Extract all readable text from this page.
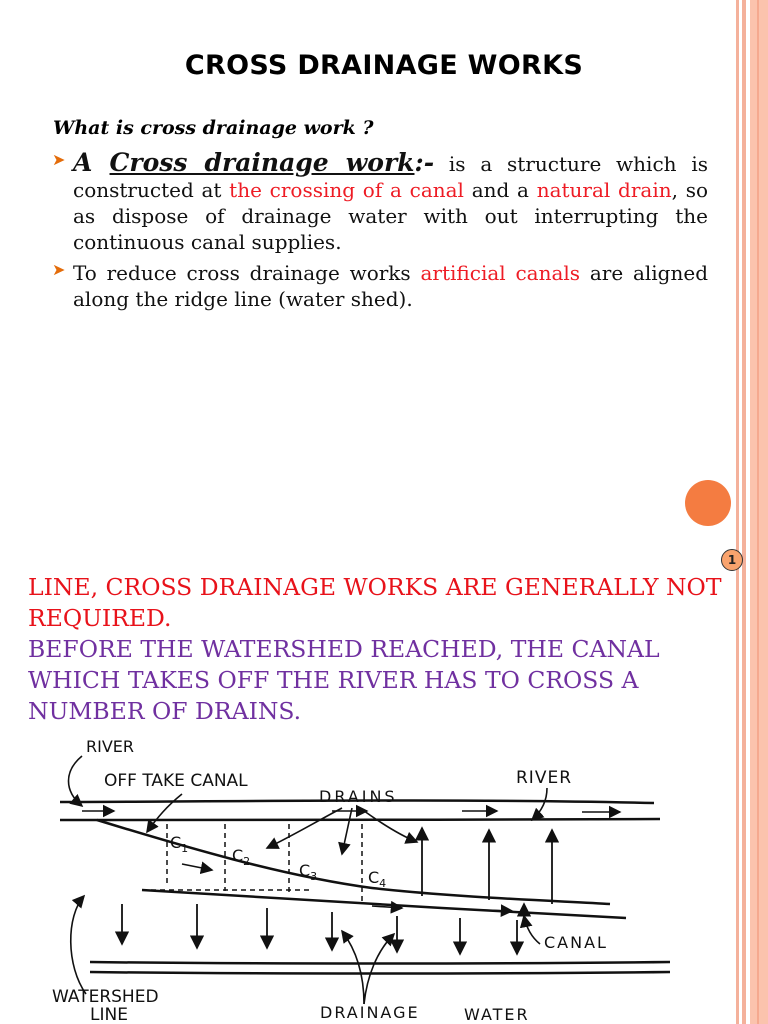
1
CROSS DRAINAGE WORKS
What is cross drainage work ?
➤ A Cross drainage work:- is a structure which is constructed at the crossing of a canal and a natural drain, so as dispose of drainage water with out interrupting the continuous canal supplies.
➤ To reduce cross drainage works artificial canals are aligned along the ridge line (water shed).
LINE, CROSS DRAINAGE WORKS ARE GENERALLY NOT REQUIRED.
BEFORE THE WATERSHED REACHED, THE CANAL WHICH TAKES OFF THE RIVER HAS TO CROSS A NUMBER OF DRAINS.
RIVER
OFF TAKE CANAL
DRAINS
RIVER
$C_1$	$C_2$	$C_3$	$C_4$
CANAL
WATERSHED
LINE	DRAINAGE	WATER
